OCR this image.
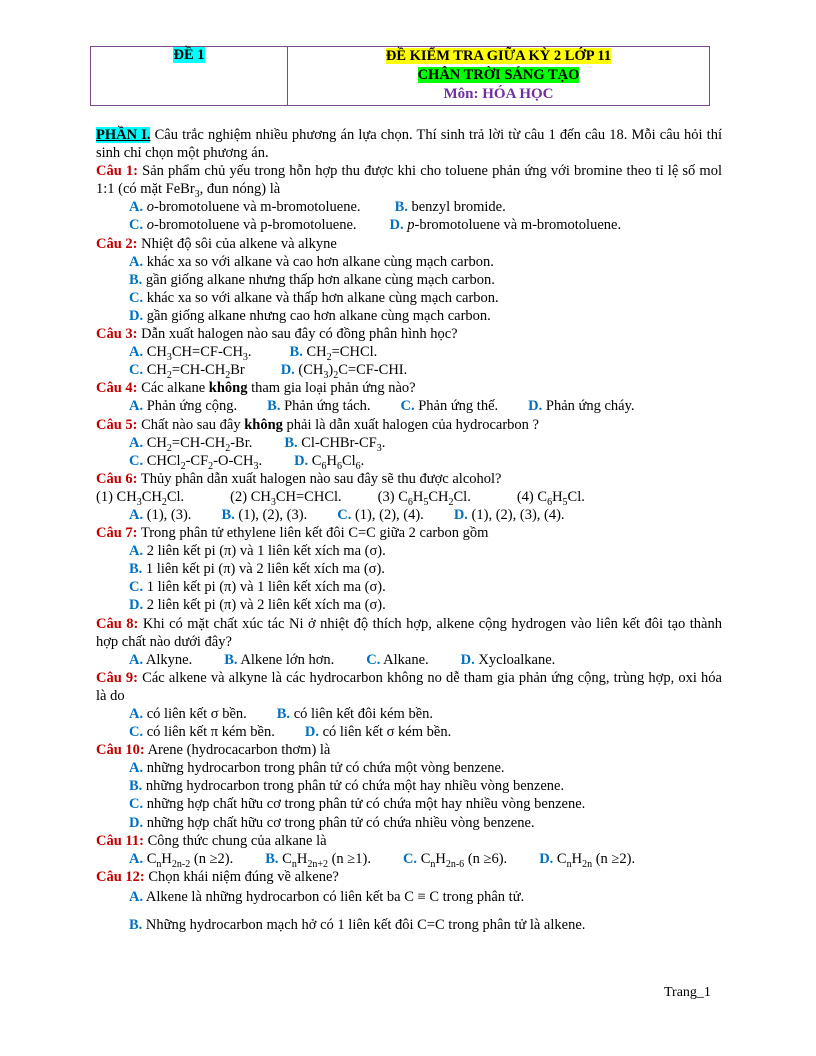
ĐỀ 1	ĐỀ KIỂM TRA GIỮA KỲ 2 LỚP 11
CHÂN TRỜI SÁNG TẠO
Môn: HÓA HỌC

PHẦN I. Câu trắc nghiệm nhiều phương án lựa chọn. Thí sinh trả lời từ câu 1 đến câu 18. Mỗi câu hỏi thí sinh chỉ chọn một phương án.

Câu 1: Sản phẩm chủ yếu trong hỗn hợp thu được khi cho toluene phản ứng với bromine theo tỉ lệ số mol 1:1 (có mặt FeBr$_3$, đun nóng) là

A. o-bromotoluene và m-bromotoluene. B. benzyl bromide.
C. o-bromotoluene và p-bromotoluene. D. p-bromotoluene và m-bromotoluene.

Câu 2: Nhiệt độ sôi của alkene và alkyne

A. khác xa so với alkane và cao hơn alkane cùng mạch carbon.
B. gần giống alkane nhưng thấp hơn alkane cùng mạch carbon.
C. khác xa so với alkane và thấp hơn alkane cùng mạch carbon.
D. gần giống alkane nhưng cao hơn alkane cùng mạch carbon.

Câu 3: Dẫn xuất halogen nào sau đây có đồng phân hình học?

A. $CH_3CH=CF-CH_3$.	B. $CH_2=CHCl$.
C. $CH_2=CH-CH_2Br$ D. $(CH_3)_2C=CF$-CHI.

Câu 4: Các alkane không tham gia loại phản ứng nào?

A. Phản ứng cộng. B. Phản ứng tách. C. Phản ứng thế. D. Phản ứng cháy.

Câu 5: Chất nào sau đây không phải là dẫn xuất halogen của hydrocarbon ?

A. $CH_2=CH-CH_2-Br$. B. $Cl-CHBr-CF_3$.
C. $CHCl_2-CF_2-O-CH_3$. D. $C_6H_6Cl_6$.

Câu 6: Thủy phân dẫn xuất halogen nào sau đây sẽ thu được alcohol?

(1) $CH_3CH_2Cl$.	(2) $CH_3CH=CHCl$. (3) $C_6H_5CH_2Cl$.	(4) $C_6H_5Cl$.
A. (1), (3). B. (1), (2), (3). C. (1), (2), (4). D. (1), (2), (3), (4).

Câu 7: Trong phân tử ethylene liên kết đôi C=C giữa 2 carbon gồm

A. 2 liên kết pi (π) và 1 liên kết xích ma (σ).
B. 1 liên kết pi (π) và 2 liên kết xích ma (σ).
C. 1 liên kết pi (π) và 1 liên kết xích ma (σ).
D. 2 liên kết pi (π) và 2 liên kết xích ma (σ).

Câu 8: Khi có mặt chất xúc tác Ni ở nhiệt độ thích hợp, alkene cộng hydrogen vào liên kết đôi tạo thành hợp chất nào dưới đây?

A. Alkyne. B. Alkene lớn hơn. C. Alkane. D. Xycloalkane.

Câu 9: Các alkene và alkyne là các hydrocarbon không no dễ tham gia phản ứng cộng, trùng hợp, oxi hóa là do

A. có liên kết σ bền. B. có liên kết đôi kém bền.
C. có liên kết π kém bền. D. có liên kết σ kém bền.

Câu 10: Arene (hydrocacarbon thơm) là

A. những hydrocarbon trong phân tử có chứa một vòng benzene.
B. những hydrocarbon trong phân tử có chứa một hay nhiều vòng benzene.
C. những hợp chất hữu cơ trong phân tử có chứa một hay nhiều vòng benzene.
D. những hợp chất hữu cơ trong phân tử có chứa nhiều vòng benzene.

Câu 11: Công thức chung của alkane là

A. $C_nH_{2n-2}$ (n ≥2). B. $C_nH_{2n+2}$ (n ≥1). C. $C_nH_{2n-6}$ (n ≥6). D. $C_nH_{2n}$ (n ≥2).

Câu 12: Chọn khái niệm đúng về alkene?

A. Alkene là những hydrocarbon có liên kết ba C ≡ C trong phân tử.
B. Những hydrocarbon mạch hở có 1 liên kết đôi C=C trong phân tử là alkene.
Trang_1
